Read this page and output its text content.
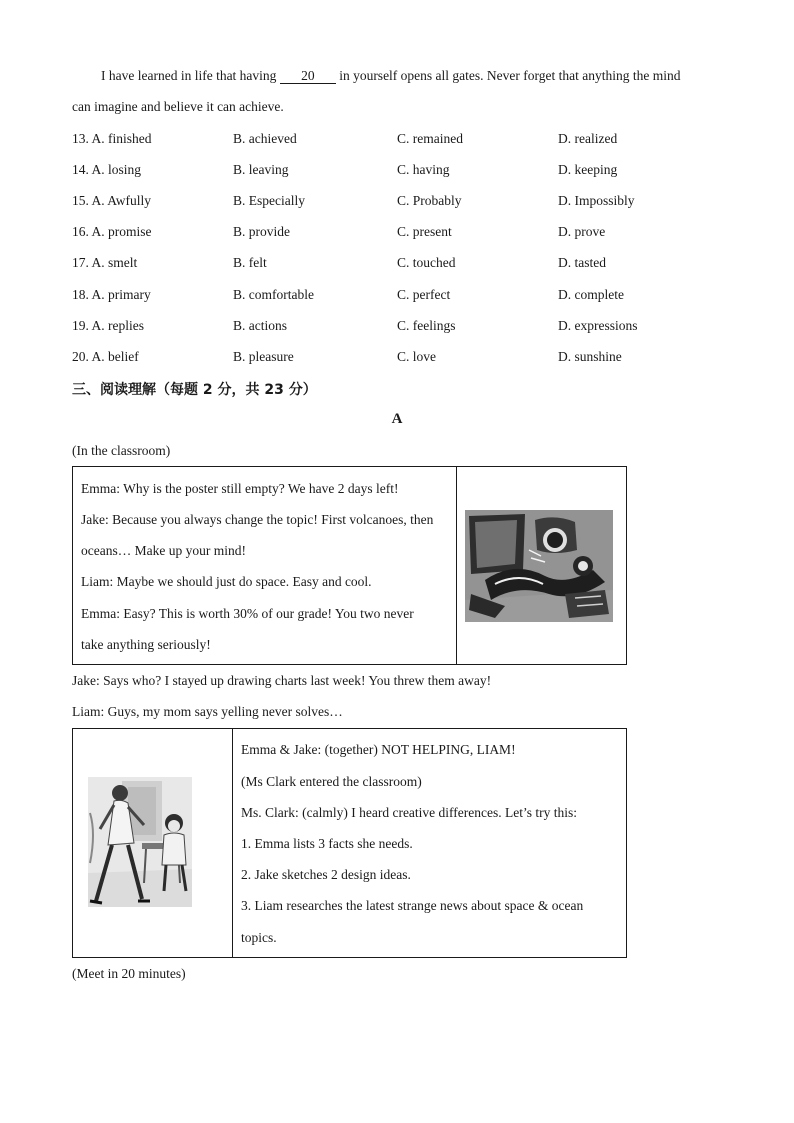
I have learned in life that having 20 in yourself opens all gates. Never forget that anything the mind
can imagine and believe it can achieve.
13. A. finished	B. achieved	C. remained	D. realized
14. A. losing	B. leaving	C. having	D. keeping
15. A. Awfully	B. Especially	C. Probably	D. Impossibly
16. A. promise	B. provide	C. present	D. prove
17. A. smelt	B. felt	C. touched	D. tasted
18. A. primary	B. comfortable	C. perfect	D. complete
19. A. replies	B. actions	C. feelings	D. expressions
20. A. belief	B. pleasure	C. love	D. sunshine
三、阅读理解（每题 2 分，共 23 分）
A
(In the classroom)
Emma: Why is the poster still empty? We have 2 days left!
Jake: Because you always change the topic! First volcanoes, then
oceans… Make up your mind!
Liam: Maybe we should just do space. Easy and cool.
Emma: Easy? This is worth 30% of our grade! You two never
take anything seriously!
Jake: Says who? I stayed up drawing charts last week! You threw them away!
Liam: Guys, my mom says yelling never solves…
Emma & Jake: (together) NOT HELPING, LIAM!
(Ms Clark entered the classroom)
Ms. Clark: (calmly) I heard creative differences. Let’s try this:
1. Emma lists 3 facts she needs.
2. Jake sketches 2 design ideas.
3. Liam researches the latest strange news about space & ocean
topics.
(Meet in 20 minutes)
